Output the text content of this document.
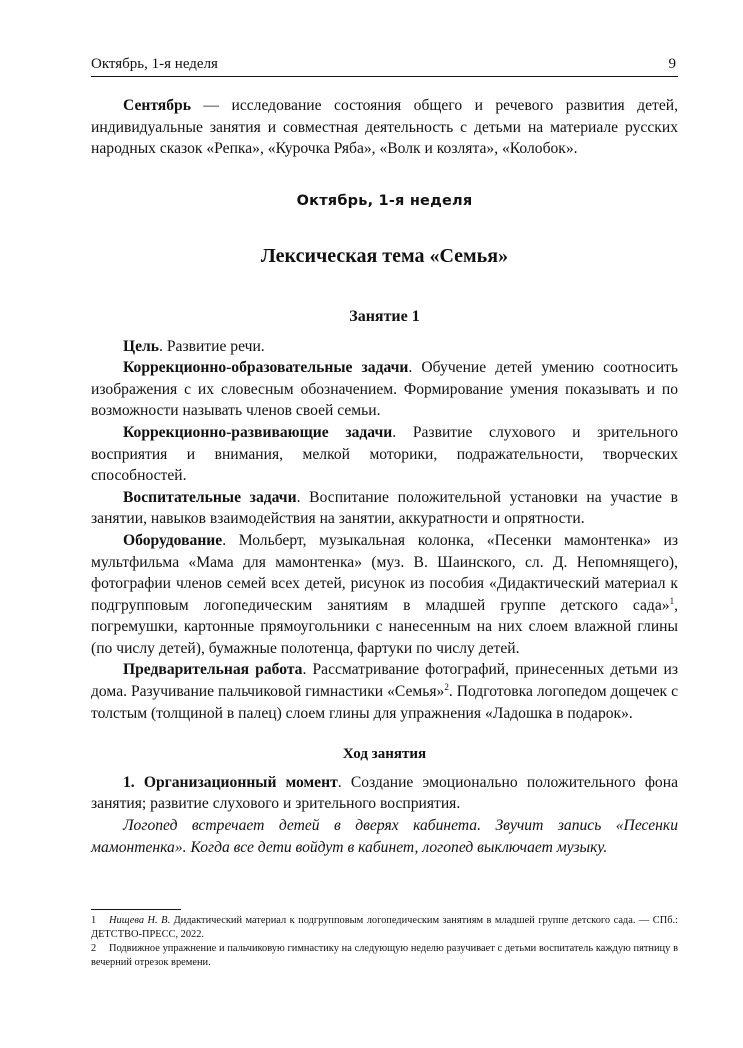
Октябрь, 1-я неделя	9

Сентябрь — исследование состояния общего и речевого развития детей, индивидуальные занятия и совместная деятельность с детьми на материале русских народных сказок «Репка», «Курочка Ряба», «Волк и козлята», «Колобок».

Октябрь, 1-я неделя
Лексическая тема «Семья»
Занятие 1

Цель. Развитие речи.

Коррекционно-образовательные задачи. Обучение детей умению соотносить изображения с их словесным обозначением. Формирование умения показывать и по возможности называть членов своей семьи.

Коррекционно-развивающие задачи. Развитие слухового и зрительного восприятия и внимания, мелкой моторики, подражательности, творческих способностей.

Воспитательные задачи. Воспитание положительной установки на участие в занятии, навыков взаимодействия на занятии, аккуратности и опрятности.

Оборудование. Мольберт, музыкальная колонка, «Песенки мамонтенка» из мультфильма «Мама для мамонтенка» (муз. В. Шаинского, сл. Д. Непомнящего), фотографии членов семей всех детей, рисунок из пособия «Дидактический материал к подгрупповым логопедическим занятиям в младшей группе детского сада»$^1$, погремушки, картонные прямоугольники с нанесенным на них слоем влажной глины (по числу детей), бумажные полотенца, фартуки по числу детей.

Предварительная работа. Рассматривание фотографий, принесенных детьми из дома. Разучивание пальчиковой гимнастики «Семья»$^2$. Подготовка логопедом дощечек с толстым (толщиной в палец) слоем глины для упражнения «Ладошка в подарок».

Ход занятия

1. Организационный момент. Создание эмоционально положительного фона занятия; развитие слухового и зрительного восприятия.

Логопед встречает детей в дверях кабинета. Звучит запись «Песенки мамонтенка». Когда все дети войдут в кабинет, логопед выключает музыку.

1 Нищева Н. В. Дидактический материал к подгрупповым логопедическим занятиям в младшей группе детского сада. — СПб.: ДЕТСТВО-ПРЕСС, 2022.

2 Подвижное упражнение и пальчиковую гимнастику на следующую неделю разучивает с детьми воспитатель каждую пятницу в вечерний отрезок времени.
